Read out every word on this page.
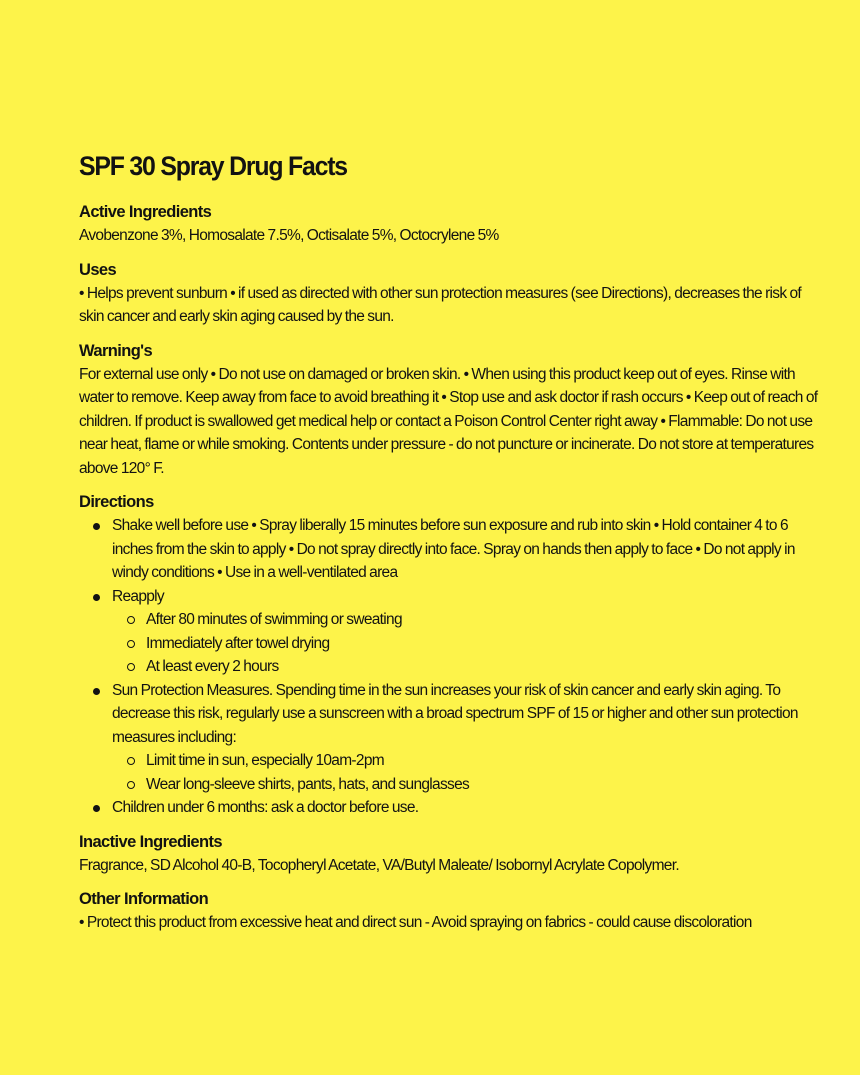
SPF 30 Spray Drug Facts
Active Ingredients

Avobenzone 3%, Homosalate 7.5%, Octisalate 5%, Octocrylene 5%

Uses

• Helps prevent sunburn • if used as directed with other sun protection measures (see Directions), decreases the risk of skin cancer and early skin aging caused by the sun.

Warning's

For external use only • Do not use on damaged or broken skin. • When using this product keep out of eyes. Rinse with water to remove. Keep away from face to avoid breathing it • Stop use and ask doctor if rash occurs • Keep out of reach of children. If product is swallowed get medical help or contact a Poison Control Center right away • Flammable: Do not use near heat, flame or while smoking. Contents under pressure - do not puncture or incinerate. Do not store at temperatures above 120° F.

Directions
Shake well before use • Spray liberally 15 minutes before sun exposure and rub into skin • Hold container 4 to 6 inches from the skin to apply • Do not spray directly into face. Spray on hands then apply to face • Do not apply in windy conditions • Use in a well-ventilated area
Reapply
After 80 minutes of swimming or sweating
Immediately after towel drying
At least every 2 hours
Sun Protection Measures. Spending time in the sun increases your risk of skin cancer and early skin aging. To decrease this risk, regularly use a sunscreen with a broad spectrum SPF of 15 or higher and other sun protection measures including:
Limit time in sun, especially 10am-2pm
Wear long-sleeve shirts, pants, hats, and sunglasses
Children under 6 months: ask a doctor before use.
Inactive Ingredients

Fragrance, SD Alcohol 40-B, Tocopheryl Acetate, VA/Butyl Maleate/ Isobornyl Acrylate Copolymer.

Other Information

• Protect this product from excessive heat and direct sun - Avoid spraying on fabrics - could cause discoloration
